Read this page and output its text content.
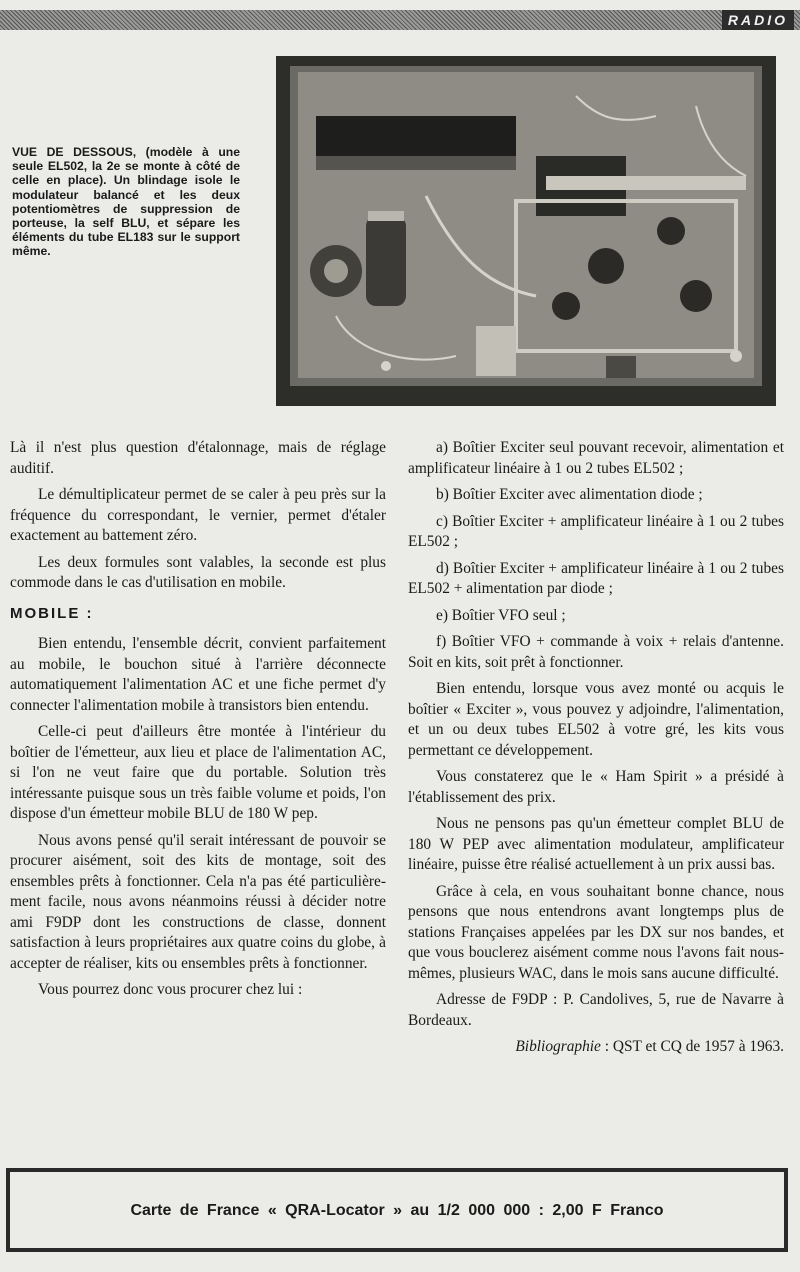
RADIO

VUE DE DESSOUS, (modèle à une seule EL502, la 2e se monte à côté de celle en place). Un blindage isole le modulateur balancé et les deux potentiomètres de suppression de porteuse, la self BLU, et sépare les éléments du tube EL183 sur le support même.

Là il n'est plus question d'étalonnage, mais de réglage auditif.

Le démultiplicateur permet de se caler à peu près sur la fréquence du correspondant, le vernier, permet d'étaler exactement au battement zéro.

Les deux formules sont valables, la seconde est plus commode dans le cas d'utilisation en mobile.

MOBILE :

Bien entendu, l'ensemble décrit, convient parfaitement au mobile, le bouchon situé à l'arrière déconnecte automatiquement l'alimentation AC et une fiche permet d'y connecter l'alimentation mobile à transistors bien entendu.

Celle-ci peut d'ailleurs être montée à l'intérieur du boîtier de l'émetteur, aux lieu et place de l'alimentation AC, si l'on ne veut faire que du portable. Solution très intéressante puisque sous un très faible volume et poids, l'on dispose d'un émetteur mobile BLU de 180 W pep.

Nous avons pensé qu'il serait intéressant de pouvoir se procurer aisément, soit des kits de montage, soit des ensembles prêts à fonctionner. Cela n'a pas été particulièrement facile, nous avons néanmoins réussi à décider notre ami F9DP dont les constructions de classe, donnent satisfaction à leurs propriétaires aux quatre coins du globe, à accepter de réaliser, kits ou ensembles prêts à fonctionner.

Vous pourrez donc vous procurer chez lui :

a) Boîtier Exciter seul pouvant recevoir, alimentation et amplificateur linéaire à 1 ou 2 tubes EL502 ;

b) Boîtier Exciter avec alimentation diode ;

c) Boîtier Exciter + amplificateur linéaire à 1 ou 2 tubes EL502 ;

d) Boîtier Exciter + amplificateur linéaire à 1 ou 2 tubes EL502 + alimentation par diode ;

e) Boîtier VFO seul ;

f) Boîtier VFO + commande à voix + relais d'antenne. Soit en kits, soit prêt à fonctionner.

Bien entendu, lorsque vous avez monté ou acquis le boîtier « Exciter », vous pouvez y adjoindre, l'alimentation, et un ou deux tubes EL502 à votre gré, les kits vous permettant ce développement.

Vous constaterez que le « Ham Spirit » a présidé à l'établissement des prix.

Nous ne pensons pas qu'un émetteur complet BLU de 180 W PEP avec alimentation modulateur, amplificateur linéaire, puisse être réalisé actuellement à un prix aussi bas.

Grâce à cela, en vous souhaitant bonne chance, nous pensons que nous entendrons avant longtemps plus de stations Françaises appelées par les DX sur nos bandes, et que vous bouclerez aisément comme nous l'avons fait nous-mêmes, plusieurs WAC, dans le mois sans aucune difficulté.

Adresse de F9DP : P. Candolives, 5, rue de Navarre à Bordeaux.

Bibliographie : QST et CQ de 1957 à 1963.

Carte de France « QRA-Locator » au 1/2 000 000 : 2,00 F Franco
